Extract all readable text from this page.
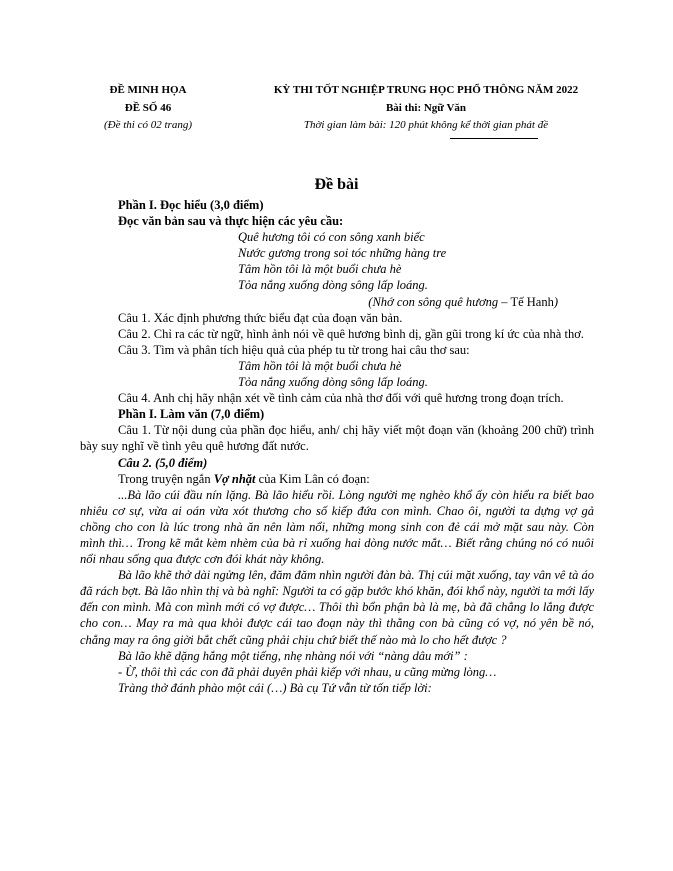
ĐỀ MINH HỌA
ĐỀ SỐ 46
(Đề thi có 02 trang)
KỲ THI TỐT NGHIỆP TRUNG HỌC PHỔ THÔNG NĂM 2022
Bài thi: Ngữ Văn
Thời gian làm bài: 120 phút không kể thời gian phát đề
Đề bài

Phần I. Đọc hiểu (3,0 điểm)

Đọc văn bản sau và thực hiện các yêu cầu:

Quê hương tôi có con sông xanh biếc

Nước gương trong soi tóc những hàng tre

Tâm hồn tôi là một buổi chưa hè

Tỏa nắng xuống dòng sông lấp loáng.

(Nhớ con sông quê hương – Tế Hanh)

Câu 1. Xác định phương thức biểu đạt của đoạn văn bản.

Câu 2. Chỉ ra các từ ngữ, hình ảnh nói về quê hương bình dị, gần gũi trong kí ức của nhà thơ.

Câu 3. Tìm và phân tích hiệu quả của phép tu từ trong hai câu thơ sau:

Tâm hồn tôi là một buổi chưa hè

Tỏa nắng xuống dòng sông lấp loáng.

Câu 4. Anh chị hãy nhận xét về tình cảm của nhà thơ đối với quê hương trong đoạn trích.

Phần I. Làm văn (7,0 điểm)

Câu 1. Từ nội dung của phần đọc hiểu, anh/ chị hãy viết một đoạn văn (khoảng 200 chữ) trình bày suy nghĩ về tình yêu quê hương đất nước.

Câu 2. (5,0 điểm)

Trong truyện ngắn Vợ nhặt của Kim Lân có đoạn:

...Bà lão cúi đầu nín lặng. Bà lão hiểu rồi. Lòng người mẹ nghèo khổ ấy còn hiểu ra biết bao nhiêu cơ sự, vừa ai oán vừa xót thương cho số kiếp đứa con mình. Chao ôi, người ta dựng vợ gả chồng cho con là lúc trong nhà ăn nên làm nổi, những mong sinh con đẻ cái mở mặt sau này. Còn mình thì… Trong kẽ mắt kèm nhèm của bà rỉ xuống hai dòng nước mắt… Biết rằng chúng nó có nuôi nổi nhau sống qua được cơn đói khát này không.

Bà lão khẽ thở dài ngửng lên, đăm đăm nhìn người đàn bà. Thị cúi mặt xuống, tay vân vê tà áo đã rách bợt. Bà lão nhìn thị và bà nghĩ: Người ta có gặp bước khó khăn, đói khổ này, người ta mới lấy đến con mình. Mà con mình mới có vợ được… Thôi thì bổn phận bà là mẹ, bà đã chẳng lo lắng được cho con… May ra mà qua khỏi được cái tao đoạn này thì thằng con bà cũng có vợ, nó yên bề nó, chẳng may ra ông giời bắt chết cũng phải chịu chứ biết thế nào mà lo cho hết được ?

Bà lão khẽ dặng hắng một tiếng, nhẹ nhàng nói với “nàng dâu mới” :

- Ừ, thôi thì các con đã phải duyên phải kiếp với nhau, u cũng mừng lòng…

Tràng thở đánh phào một cái (…) Bà cụ Tứ vẫn từ tốn tiếp lời:
